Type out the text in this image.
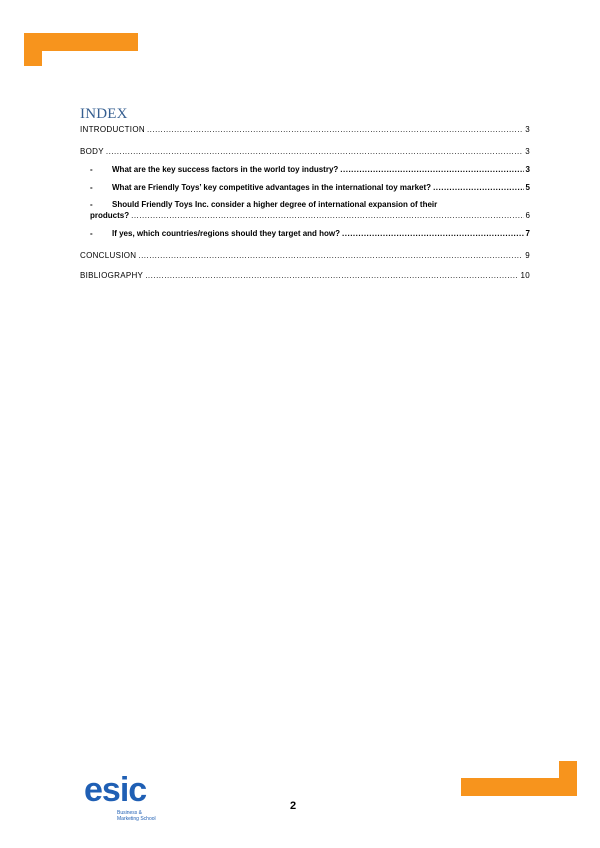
INDEX
INTRODUCTION .....	3
BODY .....	3
- What are the key success factors in the world toy industry? .....	3
- What are Friendly Toys’ key competitive advantages in the international toy market? .....	5
- Should Friendly Toys Inc. consider a higher degree of international expansion of their
products? .....	6
- If yes, which countries/regions should they target and how? .....	7
CONCLUSION .....	9
BIBLIOGRAPHY .....	10
esic
Business &
Marketing School
2
